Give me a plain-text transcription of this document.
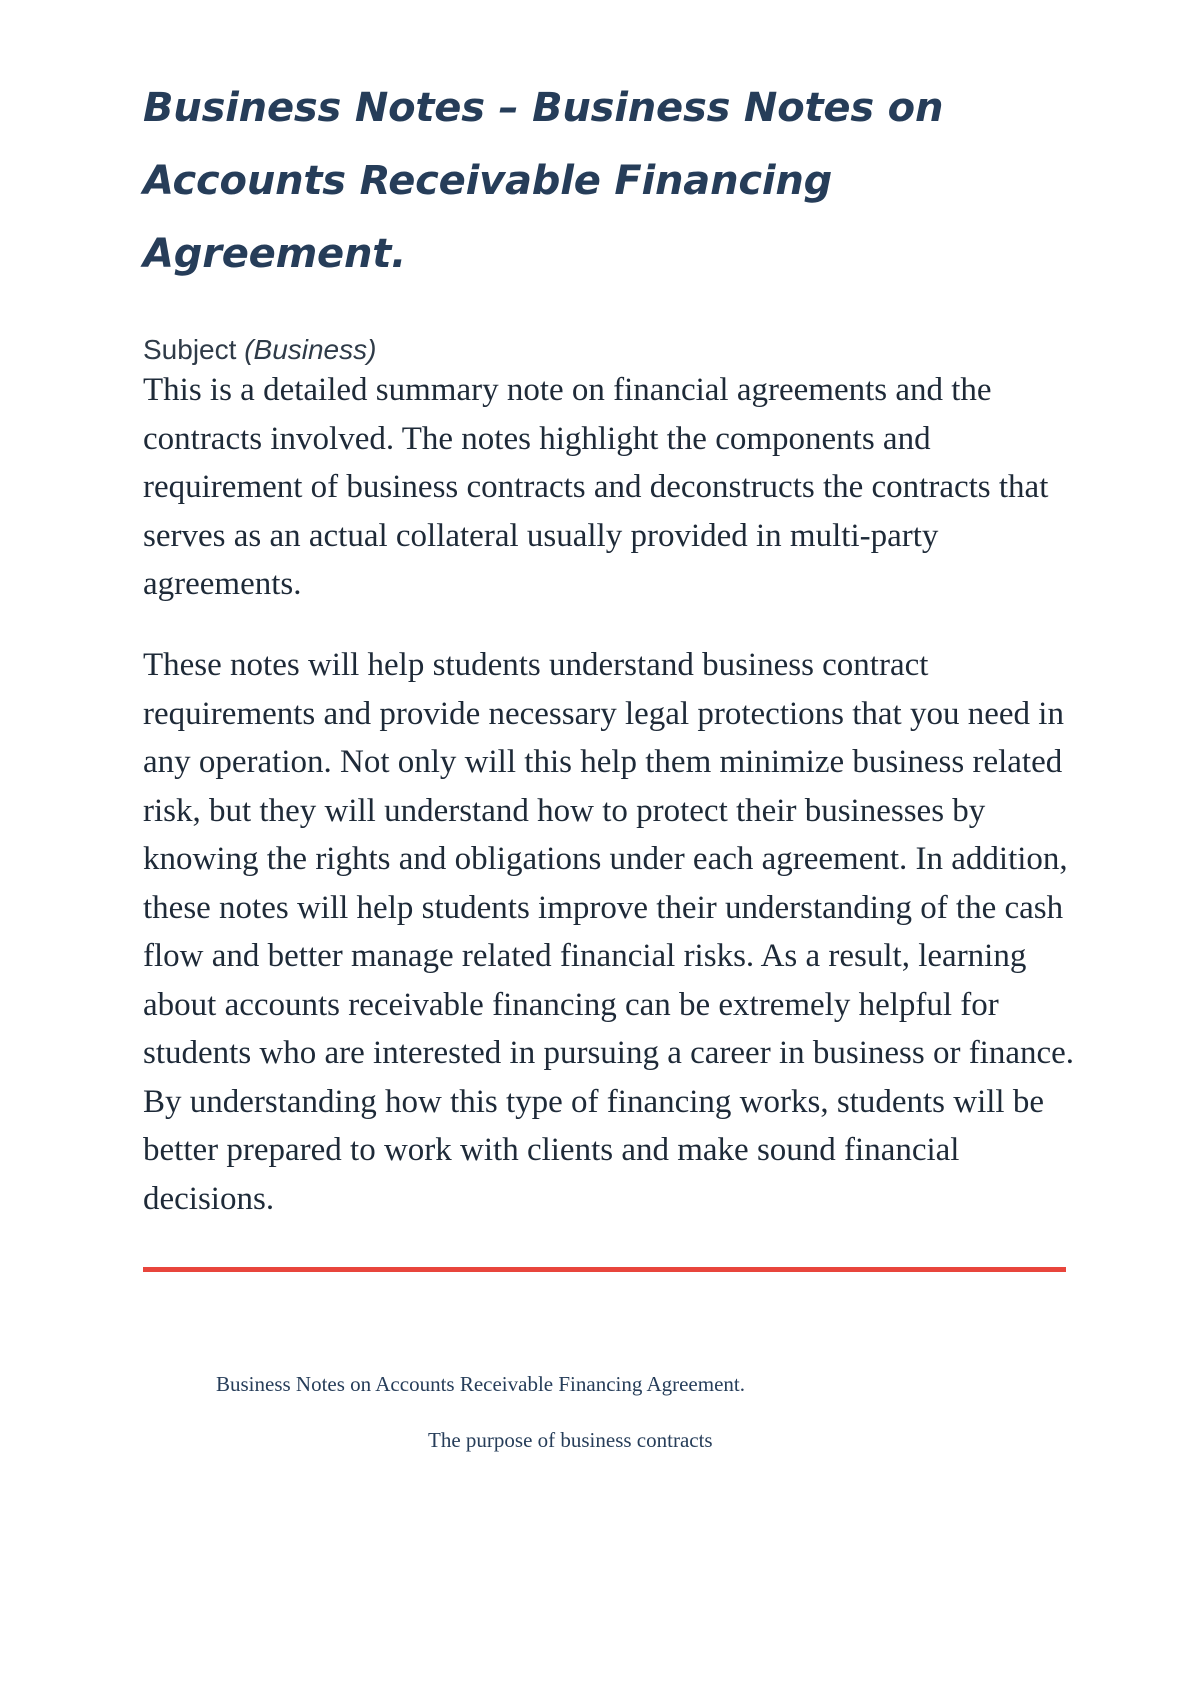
Business Notes – Business Notes on Accounts Receivable Financing Agreement.
Subject (Business)

This is a detailed summary note on financial agreements and the contracts involved. The notes highlight the components and requirement of business contracts and deconstructs the contracts that serves as an actual collateral usually provided in multi-party agreements.

These notes will help students understand business contract requirements and provide necessary legal protections that you need in any operation. Not only will this help them minimize business related risk, but they will understand how to protect their businesses by knowing the rights and obligations under each agreement. In addition, these notes will help students improve their understanding of the cash flow and better manage related financial risks. As a result, learning about accounts receivable financing can be extremely helpful for students who are interested in pursuing a career in business or finance. By understanding how this type of financing works, students will be better prepared to work with clients and make sound financial decisions.

Business Notes on Accounts Receivable Financing Agreement.
The purpose of business contracts
